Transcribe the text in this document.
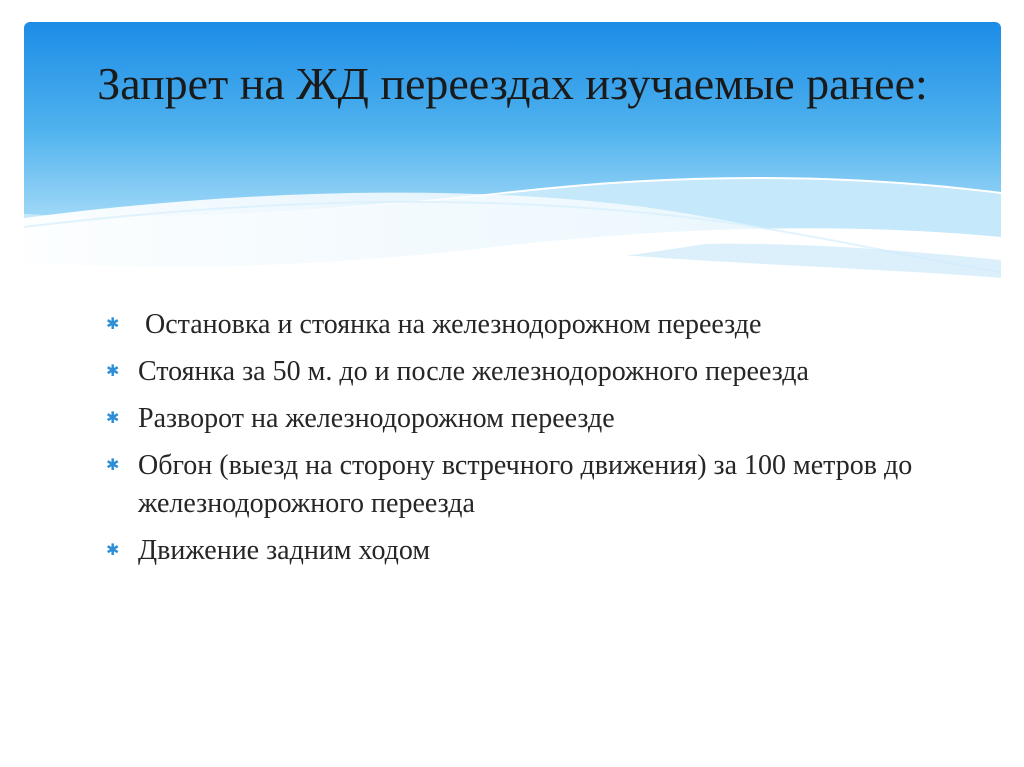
Запрет на ЖД переездах изучаемые ранее:
✱ Остановка и стоянка на железнодорожном переезде
✱ Стоянка за 50 м. до и после железнодорожного переезда
✱ Разворот на железнодорожном переезде
✱ Обгон (выезд на сторону встречного движения) за 100 метров до железнодорожного переезда
✱ Движение задним ходом
